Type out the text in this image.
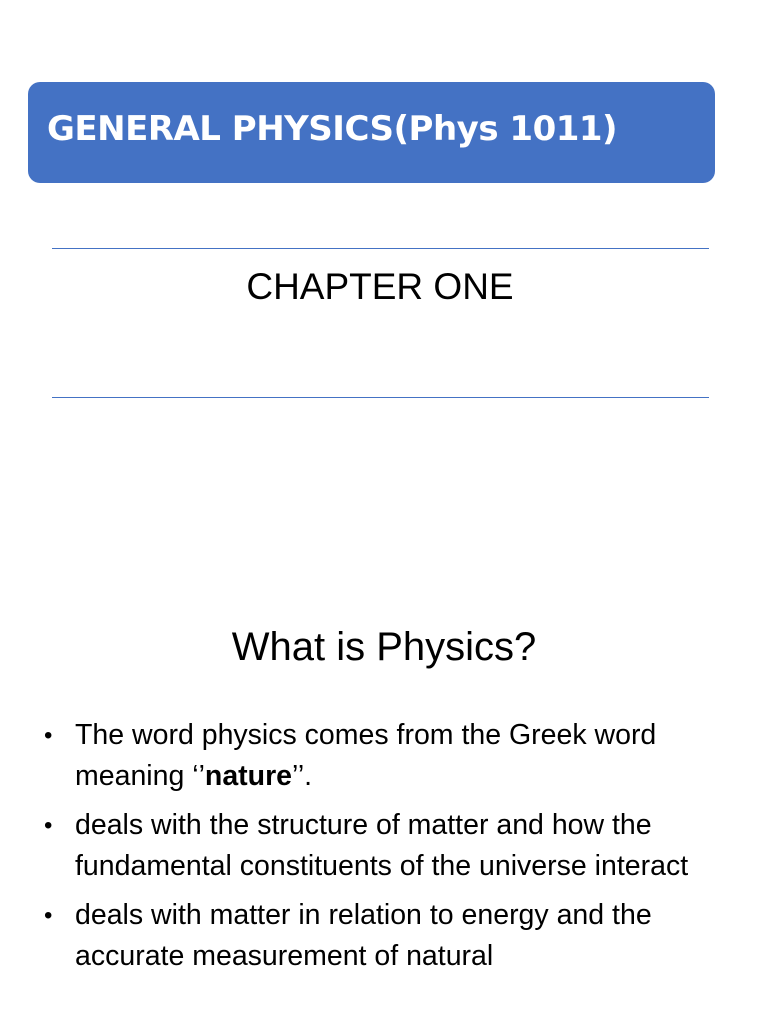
GENERAL PHYSICS(Phys 1011)
CHAPTER ONE
What is Physics?
• The word physics comes from the Greek word meaning ‘’nature’’.
• deals with the structure of matter and how the fundamental constituents of the universe interact
• deals with matter in relation to energy and the accurate measurement of natural
